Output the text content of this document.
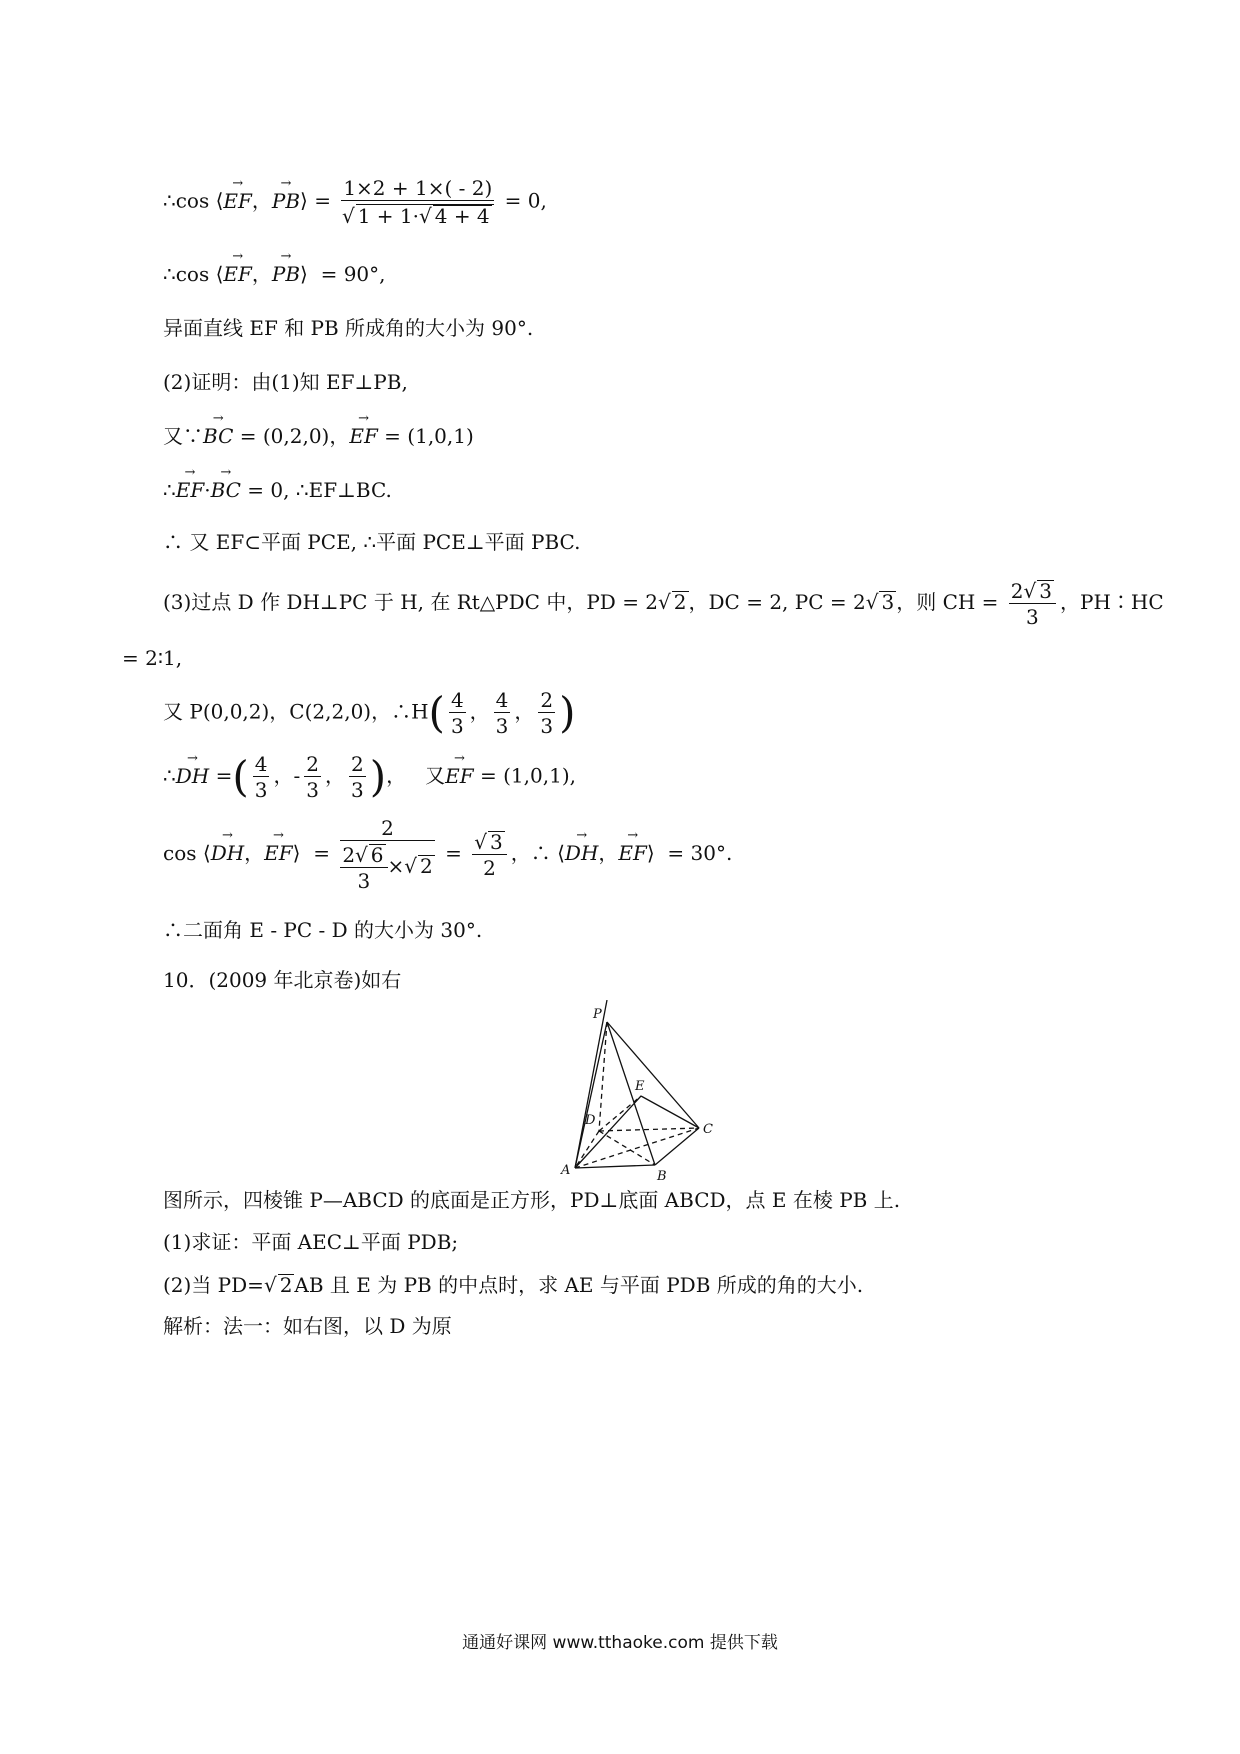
∴cos ⟨→ EF，→ PB⟩ = $\frac{1\times 2 + 1\times( - 2)}{√ 1 + 1\cdot√ 4 + 4} = 0$,
∴cos ⟨→ EF，→ PB⟩  = 90°,
异面直线 EF 和 PB 所成角的大小为 90°.
(2)证明：由(1)知 EF⊥PB,
又∵→ BC = (0,2,0)，→ EF = (1,0,1)
∴→ EF·→ BC = 0, ∴EF⊥BC.
∴ 又 EF⊂平面 PCE, ∴平面 PCE⊥平面 PBC.
(3)过点 D 作 DH⊥PC 于 H, 在 Rt△PDC 中，PD = 2√ 2 ，DC = 2, PC = 2√ 3 ，则 CH = $\frac{2√ 3}{3}$ ，PH∶HC
= 2∶1,
又 P(0,0,2)，C(2,2,0)，∴H( $\frac{4}{3}$ ， $\frac{4}{3}$ ， $\frac{2}{3}$ )
∴→ DH =( $\frac{4}{3}$ ，- $\frac{2}{3}$ ， $\frac{2}{3}$ )，   又→ EF = (1,0,1),
cos ⟨→ DH，→ EF⟩  = $\frac{2}{\frac{2√ 6}{3} \times√ 2} = \frac{√ 3}{2}$ ，∴ ⟨→ DH，→ EF⟩  = 30°.
∴二面角 E - PC - D 的大小为 30°.
10．(2009 年北京卷)如右
P
E
D
C
A	B
图所示，四棱锥 P—ABCD 的底面是正方形，PD⊥底面 ABCD，点 E 在棱 PB 上.
(1)求证：平面 AEC⊥平面 PDB;
(2)当 PD=√ 2 AB 且 E 为 PB 的中点时，求 AE 与平面 PDB 所成的角的大小.
解析：法一：如右图，以 D 为原
通通好课网 www.tthaoke.com 提供下载
